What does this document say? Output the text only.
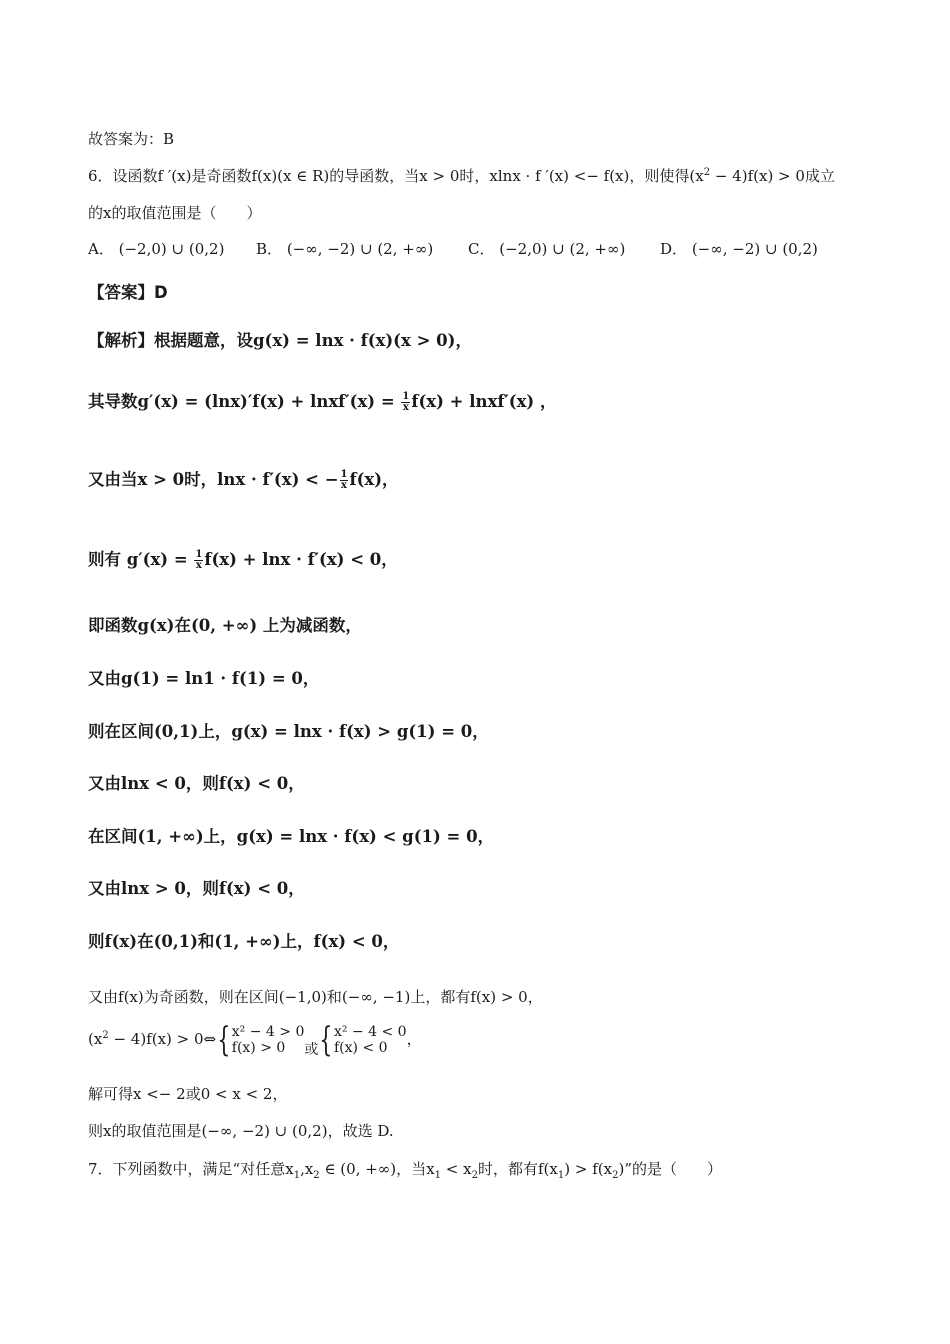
故答案为：B
6．设函数f ′(x)是奇函数f(x)(x ∈ R)的导函数，当x > 0时，xlnx · f ′(x) <− f(x)，则使得$(x^2 - 4)f(x) > 0$成立
的x的取值范围是（　　）
A． (−2,0) ∪ (0,2) B． (−∞, −2) ∪ (2, +∞) C． (−2,0) ∪ (2, +∞) D． (−∞, −2) ∪ (0,2)
【答案】D
【解析】根据题意，设g(x) = lnx · f(x)(x > 0)，
其导数g′(x) = (lnx)′f(x) + lnxf′(x) = $\frac{1}{x} f(x)$ + lnxf′(x) ，
又由当x > 0时，lnx · f′(x) < − $\frac{1}{x} f(x)$，
则有 $g'(x) = \frac{1}{x} f(x) + \ln x \cdot f'(x) < 0$，
即函数g(x)在(0, +∞) 上为减函数，
又由g(1) = ln1 · f(1) = 0，
则在区间(0,1)上，g(x) = lnx · f(x) > g(1) = 0，
又由lnx < 0，则f(x) < 0，
在区间(1, +∞)上，g(x) = lnx · f(x) < g(1) = 0，
又由lnx > 0，则f(x) < 0，
则f(x)在(0,1)和(1, +∞)上，f(x) < 0，
又由f(x)为奇函数，则在区间(−1,0)和(−∞, −1)上，都有f(x) > 0，
$(x^2 - 4)f(x)$ > 0⇔{ x² − 4 > 0
f(x) > 0	或{ x² − 4 < 0
f(x) < 0	，
解可得x <− 2或0 < x < 2，
则x的取值范围是(−∞, −2) ∪ (0,2)，故选 D.
7．下列函数中，满足“对任意$x_1,x_2$ ∈ (0, +∞)，当$x_1 < x_2$时，都有$f(x_1) > f(x_2)$”的是（　　）
